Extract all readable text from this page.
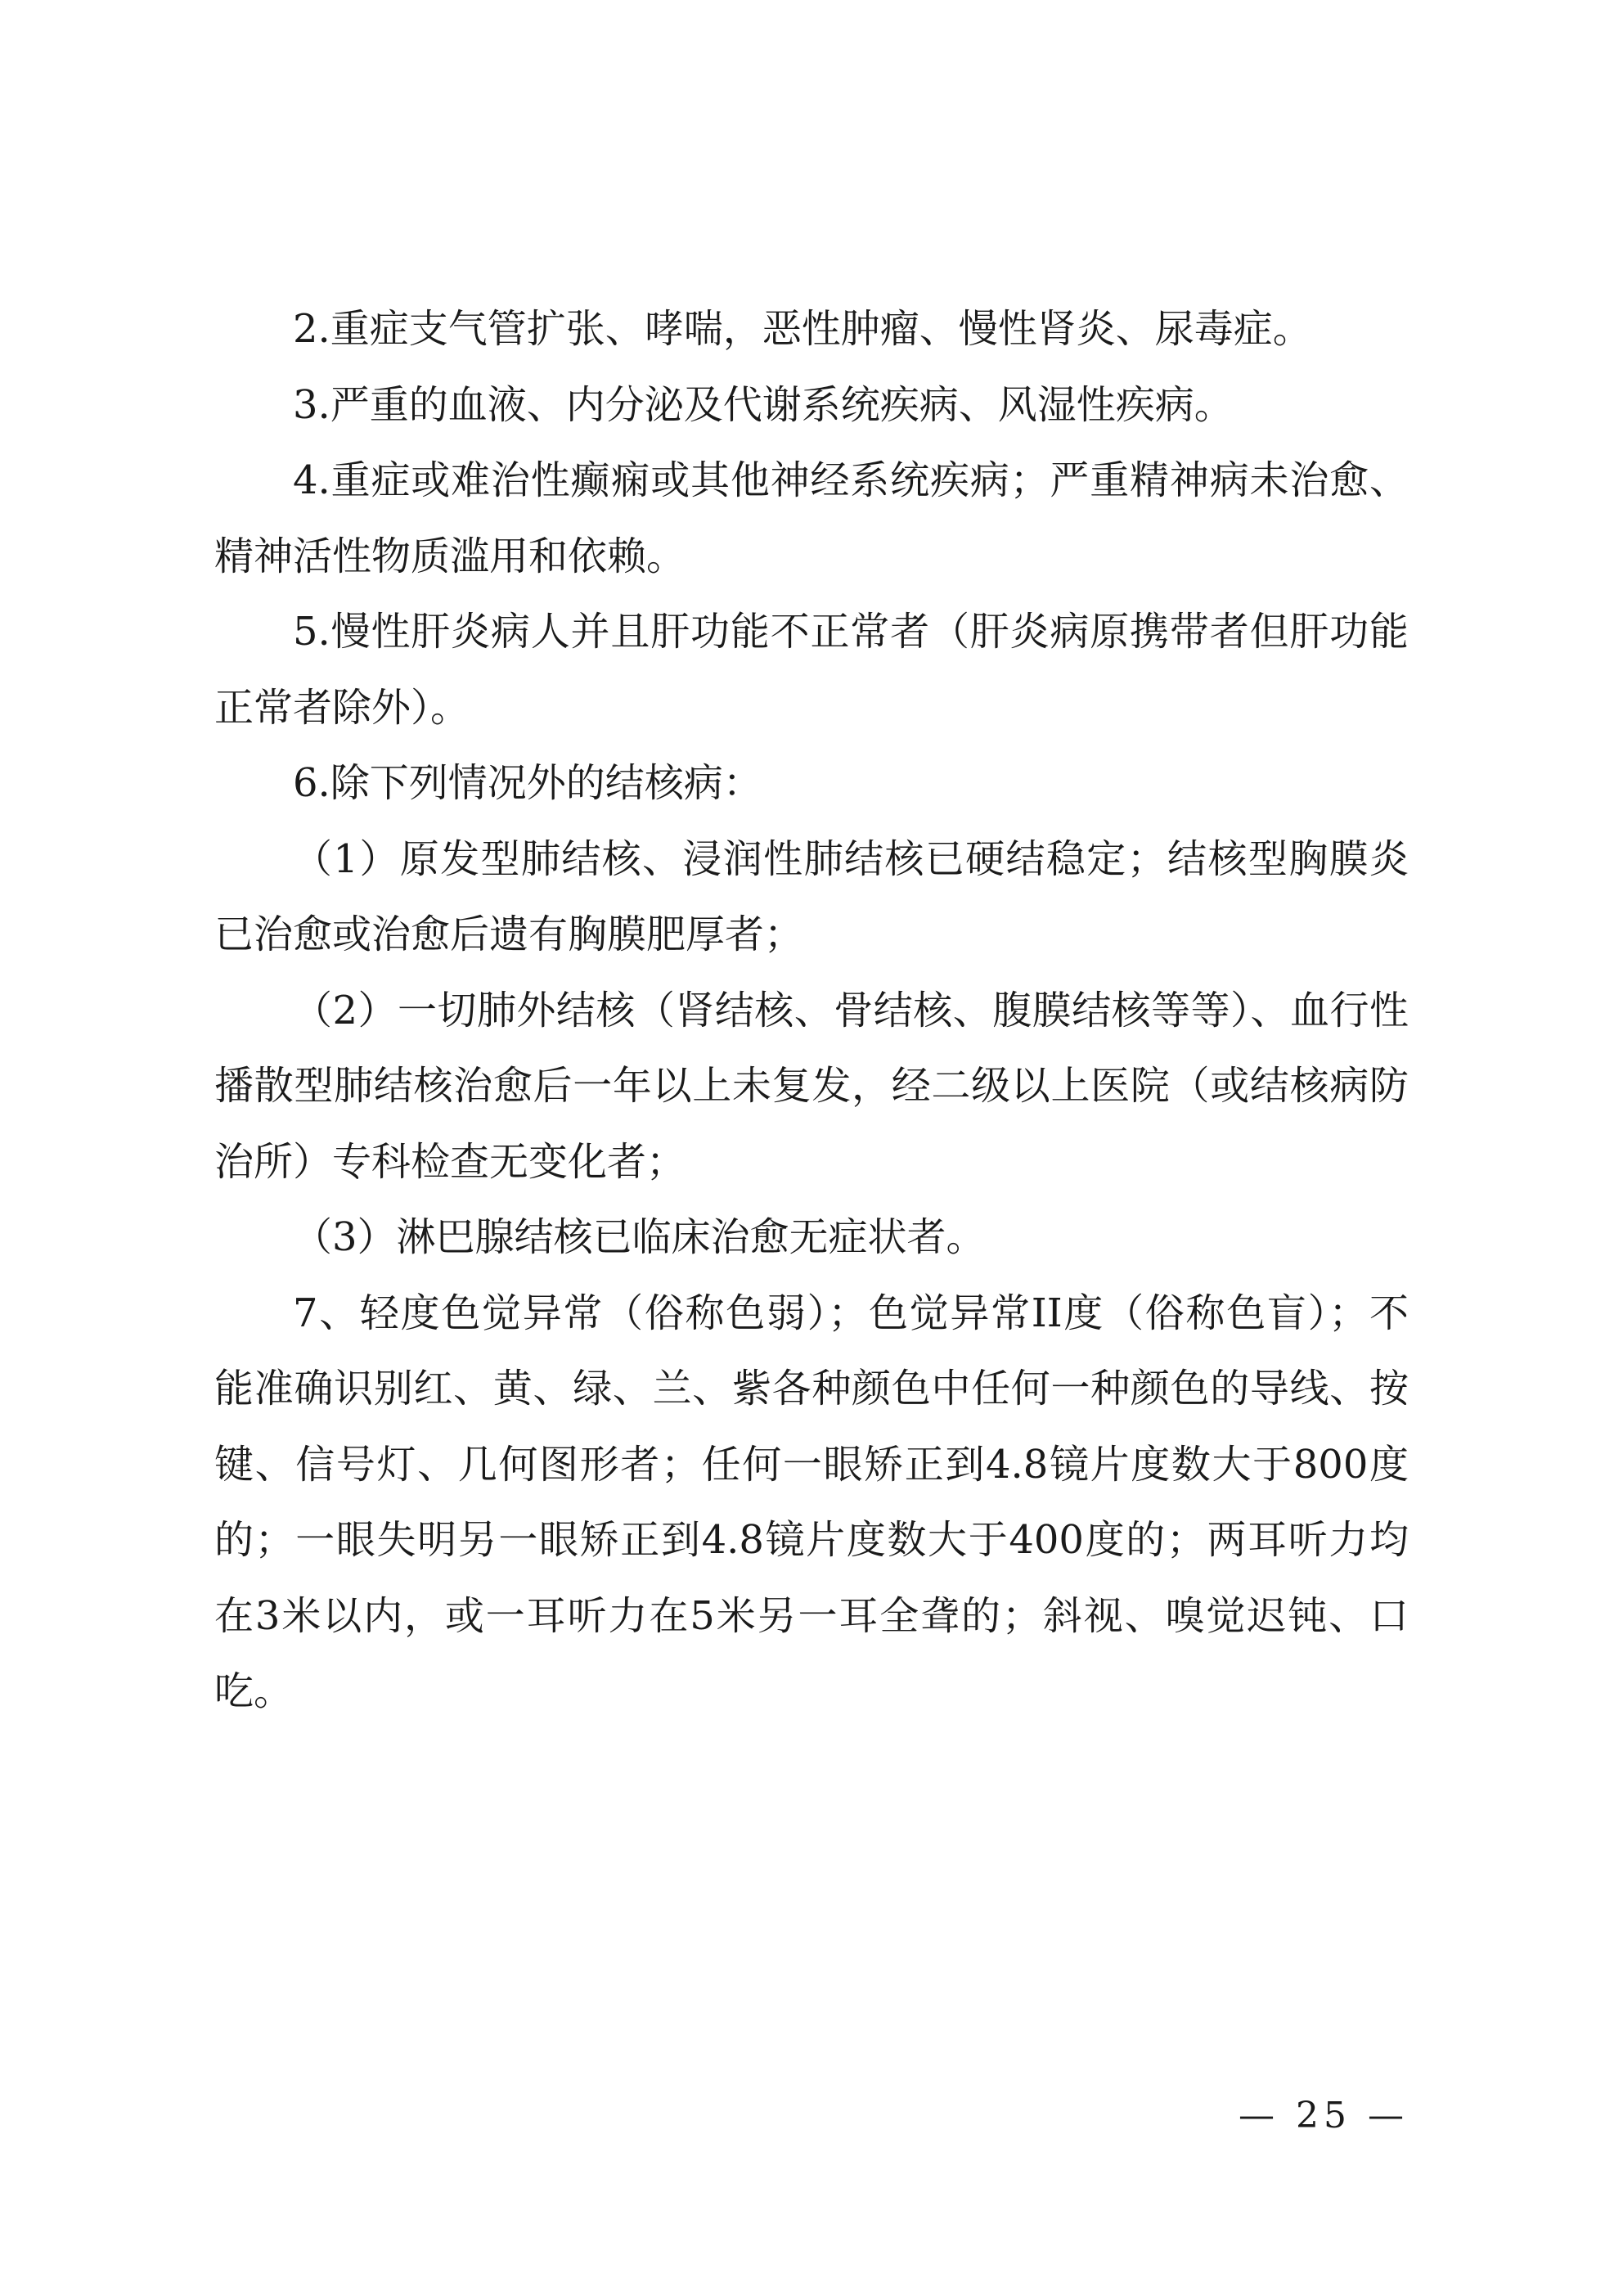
2.重症支气管扩张、哮喘，恶性肿瘤、慢性肾炎、尿毒症。

3.严重的血液、内分泌及代谢系统疾病、风湿性疾病。

4.重症或难治性癫痫或其他神经系统疾病；严重精神病未治愈、精神活性物质滥用和依赖。

5.慢性肝炎病人并且肝功能不正常者（肝炎病原携带者但肝功能正常者除外）。

6.除下列情况外的结核病：

（1）原发型肺结核、浸润性肺结核已硬结稳定；结核型胸膜炎已治愈或治愈后遗有胸膜肥厚者；

（2）一切肺外结核（肾结核、骨结核、腹膜结核等等）、血行性播散型肺结核治愈后一年以上未复发，经二级以上医院（或结核病防治所）专科检查无变化者；

（3）淋巴腺结核已临床治愈无症状者。

7、轻度色觉异常（俗称色弱）；色觉异常II度（俗称色盲）；不能准确识别红、黄、绿、兰、紫各种颜色中任何一种颜色的导线、按键、信号灯、几何图形者；任何一眼矫正到4.8镜片度数大于800度的；一眼失明另一眼矫正到4.8镜片度数大于400度的；两耳听力均在3米以内，或一耳听力在5米另一耳全聋的；斜视、嗅觉迟钝、口吃。

— 25 —
